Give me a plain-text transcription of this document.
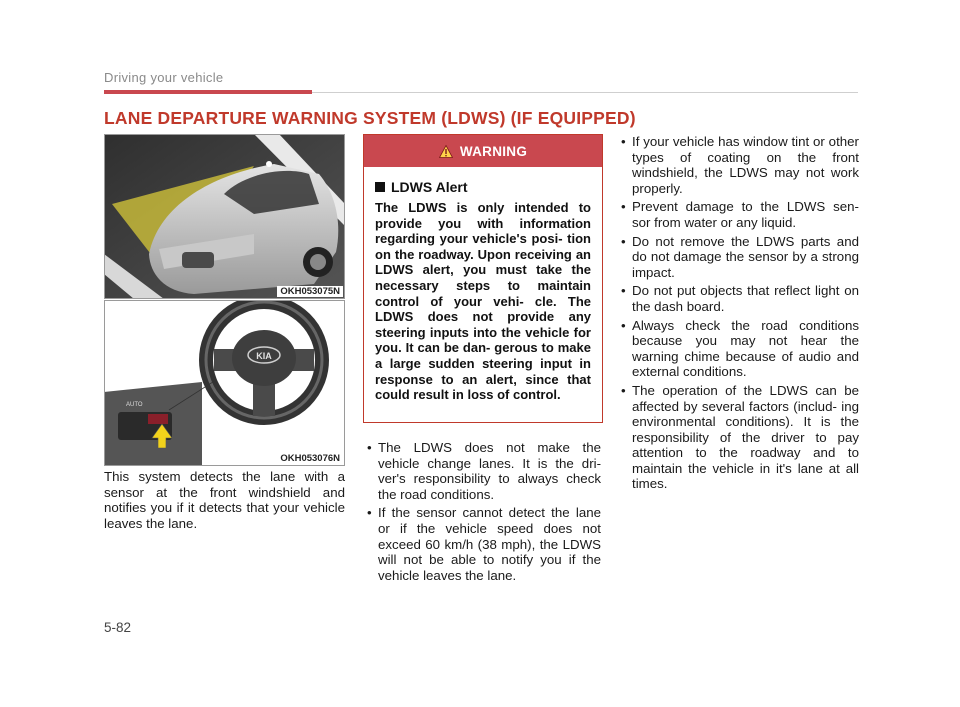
Driving your vehicle
LANE DEPARTURE WARNING SYSTEM (LDWS) (IF EQUIPPED)
OKH053075N
KIA
AUTO
OKH053076N
This system detects the lane with a sensor at the front windshield and notifies you if it detects that your vehicle leaves the lane.
WARNING
LDWS Alert
The LDWS is only intended to provide you with information regarding your vehicle's posi- tion on the roadway. Upon receiving an LDWS alert, you must take the necessary steps to maintain control of your vehi- cle. The LDWS does not provide any steering inputs into the vehicle for you. It can be dan- gerous to make a large sudden steering input in response to an alert, since that could result in loss of control.
• The LDWS does not make the vehicle change lanes. It is the dri- ver's responsibility to always check the road conditions.
• If the sensor cannot detect the lane or if the vehicle speed does not exceed 60 km/h (38 mph), the LDWS will not be able to notify you if the vehicle leaves the lane.
• If your vehicle has window tint or other types of coating on the front windshield, the LDWS may not work properly.
• Prevent damage to the LDWS sen- sor from water or any liquid.
• Do not remove the LDWS parts and do not damage the sensor by a strong impact.
• Do not put objects that reflect light on the dash board.
• Always check the road conditions because you may not hear the warning chime because of audio and external conditions.
• The operation of the LDWS can be affected by several factors (includ- ing environmental conditions). It is the responsibility of the driver to pay attention to the roadway and to maintain the vehicle in it's lane at all times.
5-82
